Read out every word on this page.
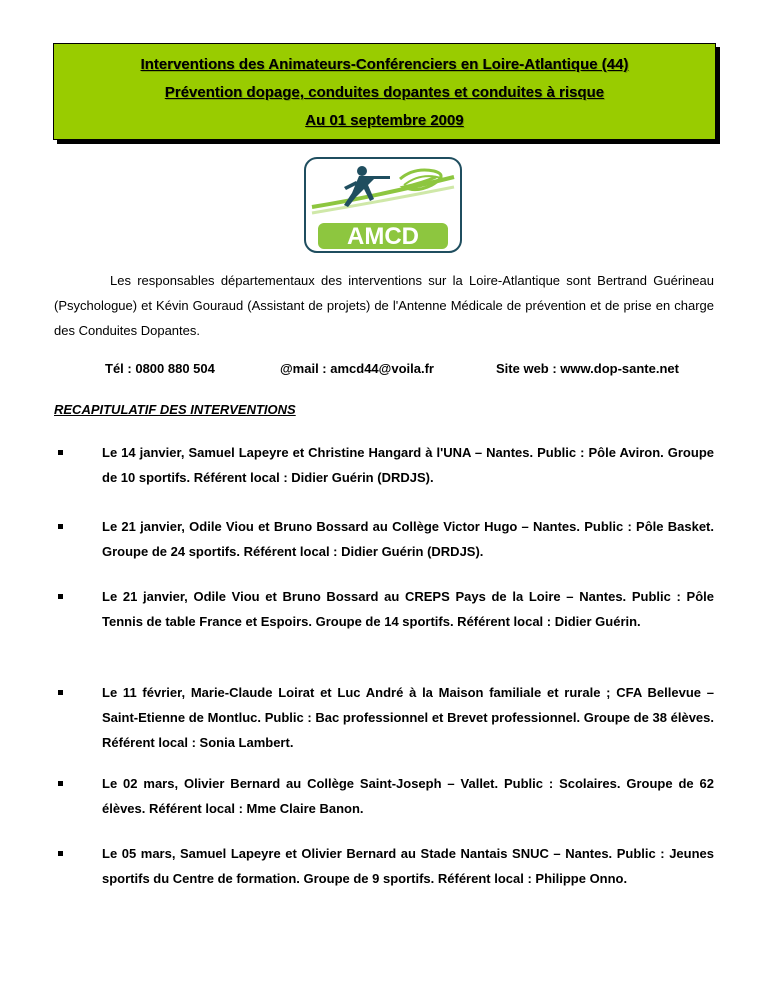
Interventions des Animateurs-Conférenciers en Loire-Atlantique (44)
Prévention dopage, conduites dopantes et conduites à risque
Au 01 septembre 2009
AMCD
Les responsables départementaux des interventions sur la Loire-Atlantique sont Bertrand Guérineau (Psychologue) et Kévin Gouraud (Assistant de projets) de l'Antenne Médicale de prévention et de prise en charge des Conduites Dopantes.
Tél : 0800 880 504	@mail : amcd44@voila.fr	Site web : www.dop-sante.net
RECAPITULATIF DES INTERVENTIONS
Le 14 janvier, Samuel Lapeyre et Christine Hangard à l'UNA – Nantes. Public : Pôle Aviron. Groupe de 10 sportifs. Référent local : Didier Guérin (DRDJS).
Le 21 janvier, Odile Viou et Bruno Bossard au Collège Victor Hugo – Nantes. Public : Pôle Basket. Groupe de 24 sportifs. Référent local : Didier Guérin (DRDJS).
Le 21 janvier, Odile Viou et Bruno Bossard au CREPS Pays de la Loire – Nantes. Public : Pôle Tennis de table France et Espoirs. Groupe de 14 sportifs. Référent local : Didier Guérin.
Le 11 février, Marie-Claude Loirat et Luc André à la Maison familiale et rurale ; CFA Bellevue – Saint-Etienne de Montluc. Public : Bac professionnel et Brevet professionnel. Groupe de 38 élèves. Référent local : Sonia Lambert.
Le 02 mars, Olivier Bernard au Collège Saint-Joseph – Vallet. Public : Scolaires. Groupe de 62 élèves. Référent local : Mme Claire Banon.
Le 05 mars, Samuel Lapeyre et Olivier Bernard au Stade Nantais SNUC – Nantes. Public : Jeunes sportifs du Centre de formation. Groupe de 9 sportifs. Référent local : Philippe Onno.
